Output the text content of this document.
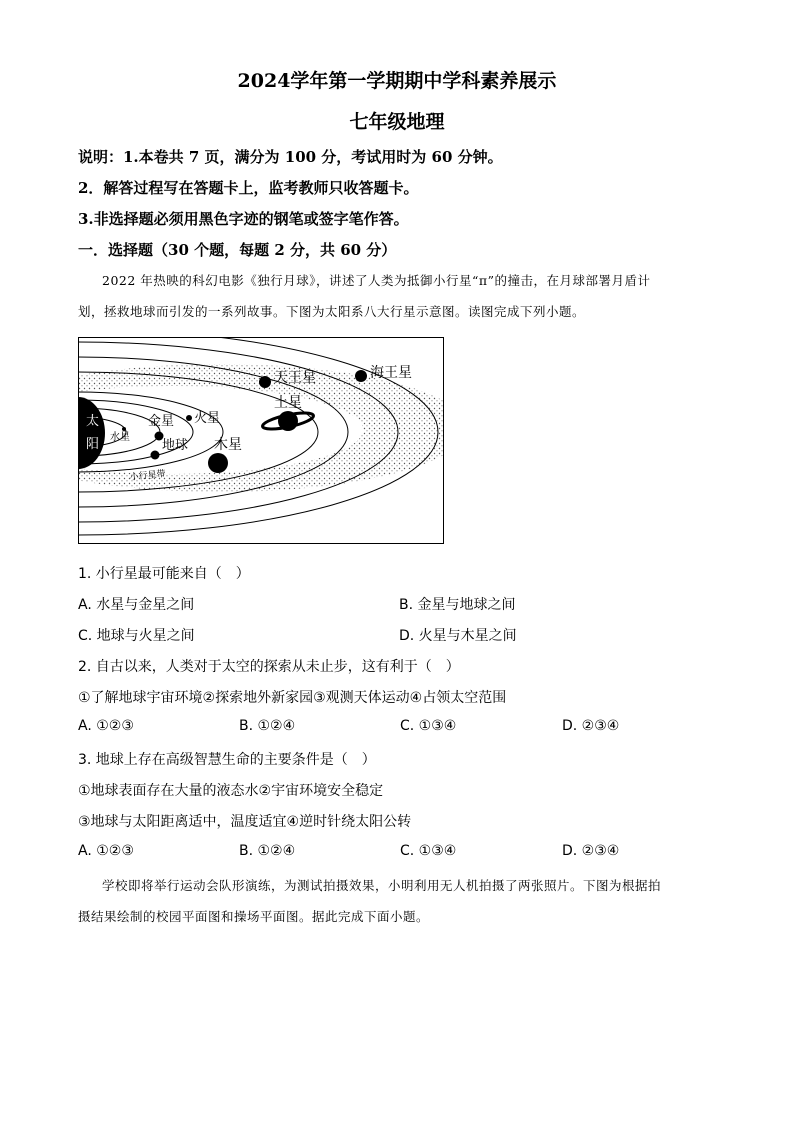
2024学年第一学期期中学科素养展示
七年级地理
说明：1.本卷共 7 页，满分为 100 分，考试用时为 60 分钟。
2．解答过程写在答题卡上，监考教师只收答题卡。
3.非选择题必须用黑色字迹的钢笔或签字笔作答。
一．选择题（30 个题，每题 2 分，共 60 分）
2022 年热映的科幻电影《独行月球》，讲述了人类为抵御小行星“π”的撞击，在月球部署月盾计
划，拯救地球而引发的一系列故事。下图为太阳系八大行星示意图。读图完成下列小题。
太
阳 水星
金星
地球
火星
木星
土星
天王星	海王星
小行星带
1. 小行星最可能来自（　）
A. 水星与金星之间	B. 金星与地球之间
C. 地球与火星之间	D. 火星与木星之间
2. 自古以来，人类对于太空的探索从未止步，这有利于（　）
①了解地球宇宙环境②探索地外新家园③观测天体运动④占领太空范围
A. ①②③	B. ①②④	C. ①③④	D. ②③④
3. 地球上存在高级智慧生命的主要条件是（　）
①地球表面存在大量的液态水②宇宙环境安全稳定
③地球与太阳距离适中，温度适宜④逆时针绕太阳公转
A. ①②③	B. ①②④	C. ①③④	D. ②③④
学校即将举行运动会队形演练，为测试拍摄效果，小明利用无人机拍摄了两张照片。下图为根据拍
摄结果绘制的校园平面图和操场平面图。据此完成下面小题。
